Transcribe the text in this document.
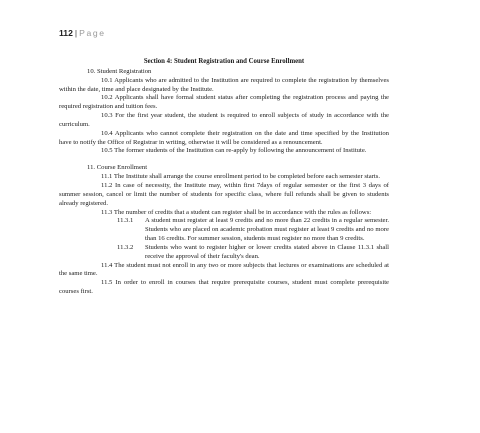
112 | Page

Section 4: Student Registration and Course Enrollment

10. Student Registration

10.1 Applicants who are admitted to the Institution are required to complete the registration by themselves within the date, time and place designated by the Institute.

10.2 Applicants shall have formal student status after completing the registration process and paying the required registration and tuition fees.

10.3 For the first year student, the student is required to enroll subjects of study in accordance with the curriculum.

10.4 Applicants who cannot complete their registration on the date and time specified by the Institution have to notify the Office of Registrar in writing, otherwise it will be considered as a renouncement.

10.5 The former students of the Institution can re-apply by following the announcement of Institute.

11. Course Enrollment

11.1 The Institute shall arrange the course enrollment period to be completed before each semester starts.

11.2 In case of necessity, the Institute may, within first 7days of regular semester or the first 3 days of summer session, cancel or limit the number of students for specific class, where full refunds shall be given to students already registered.

11.3 The number of credits that a student can register shall be in accordance with the rules as follows:

11.3.1	A student must register at least 9 credits and no more than 22 credits in a regular semester. Students who are placed on academic probation must register at least 9 credits and no more than 16 credits. For summer session, students must register no more than 9 credits.
11.3.2	Students who want to register higher or lower credits stated above in Clause 11.3.1 shall receive the approval of their faculty's dean.

11.4 The student must not enroll in any two or more subjects that lectures or examinations are scheduled at the same time.

11.5 In order to enroll in courses that require prerequisite courses, student must complete prerequisite courses first.
